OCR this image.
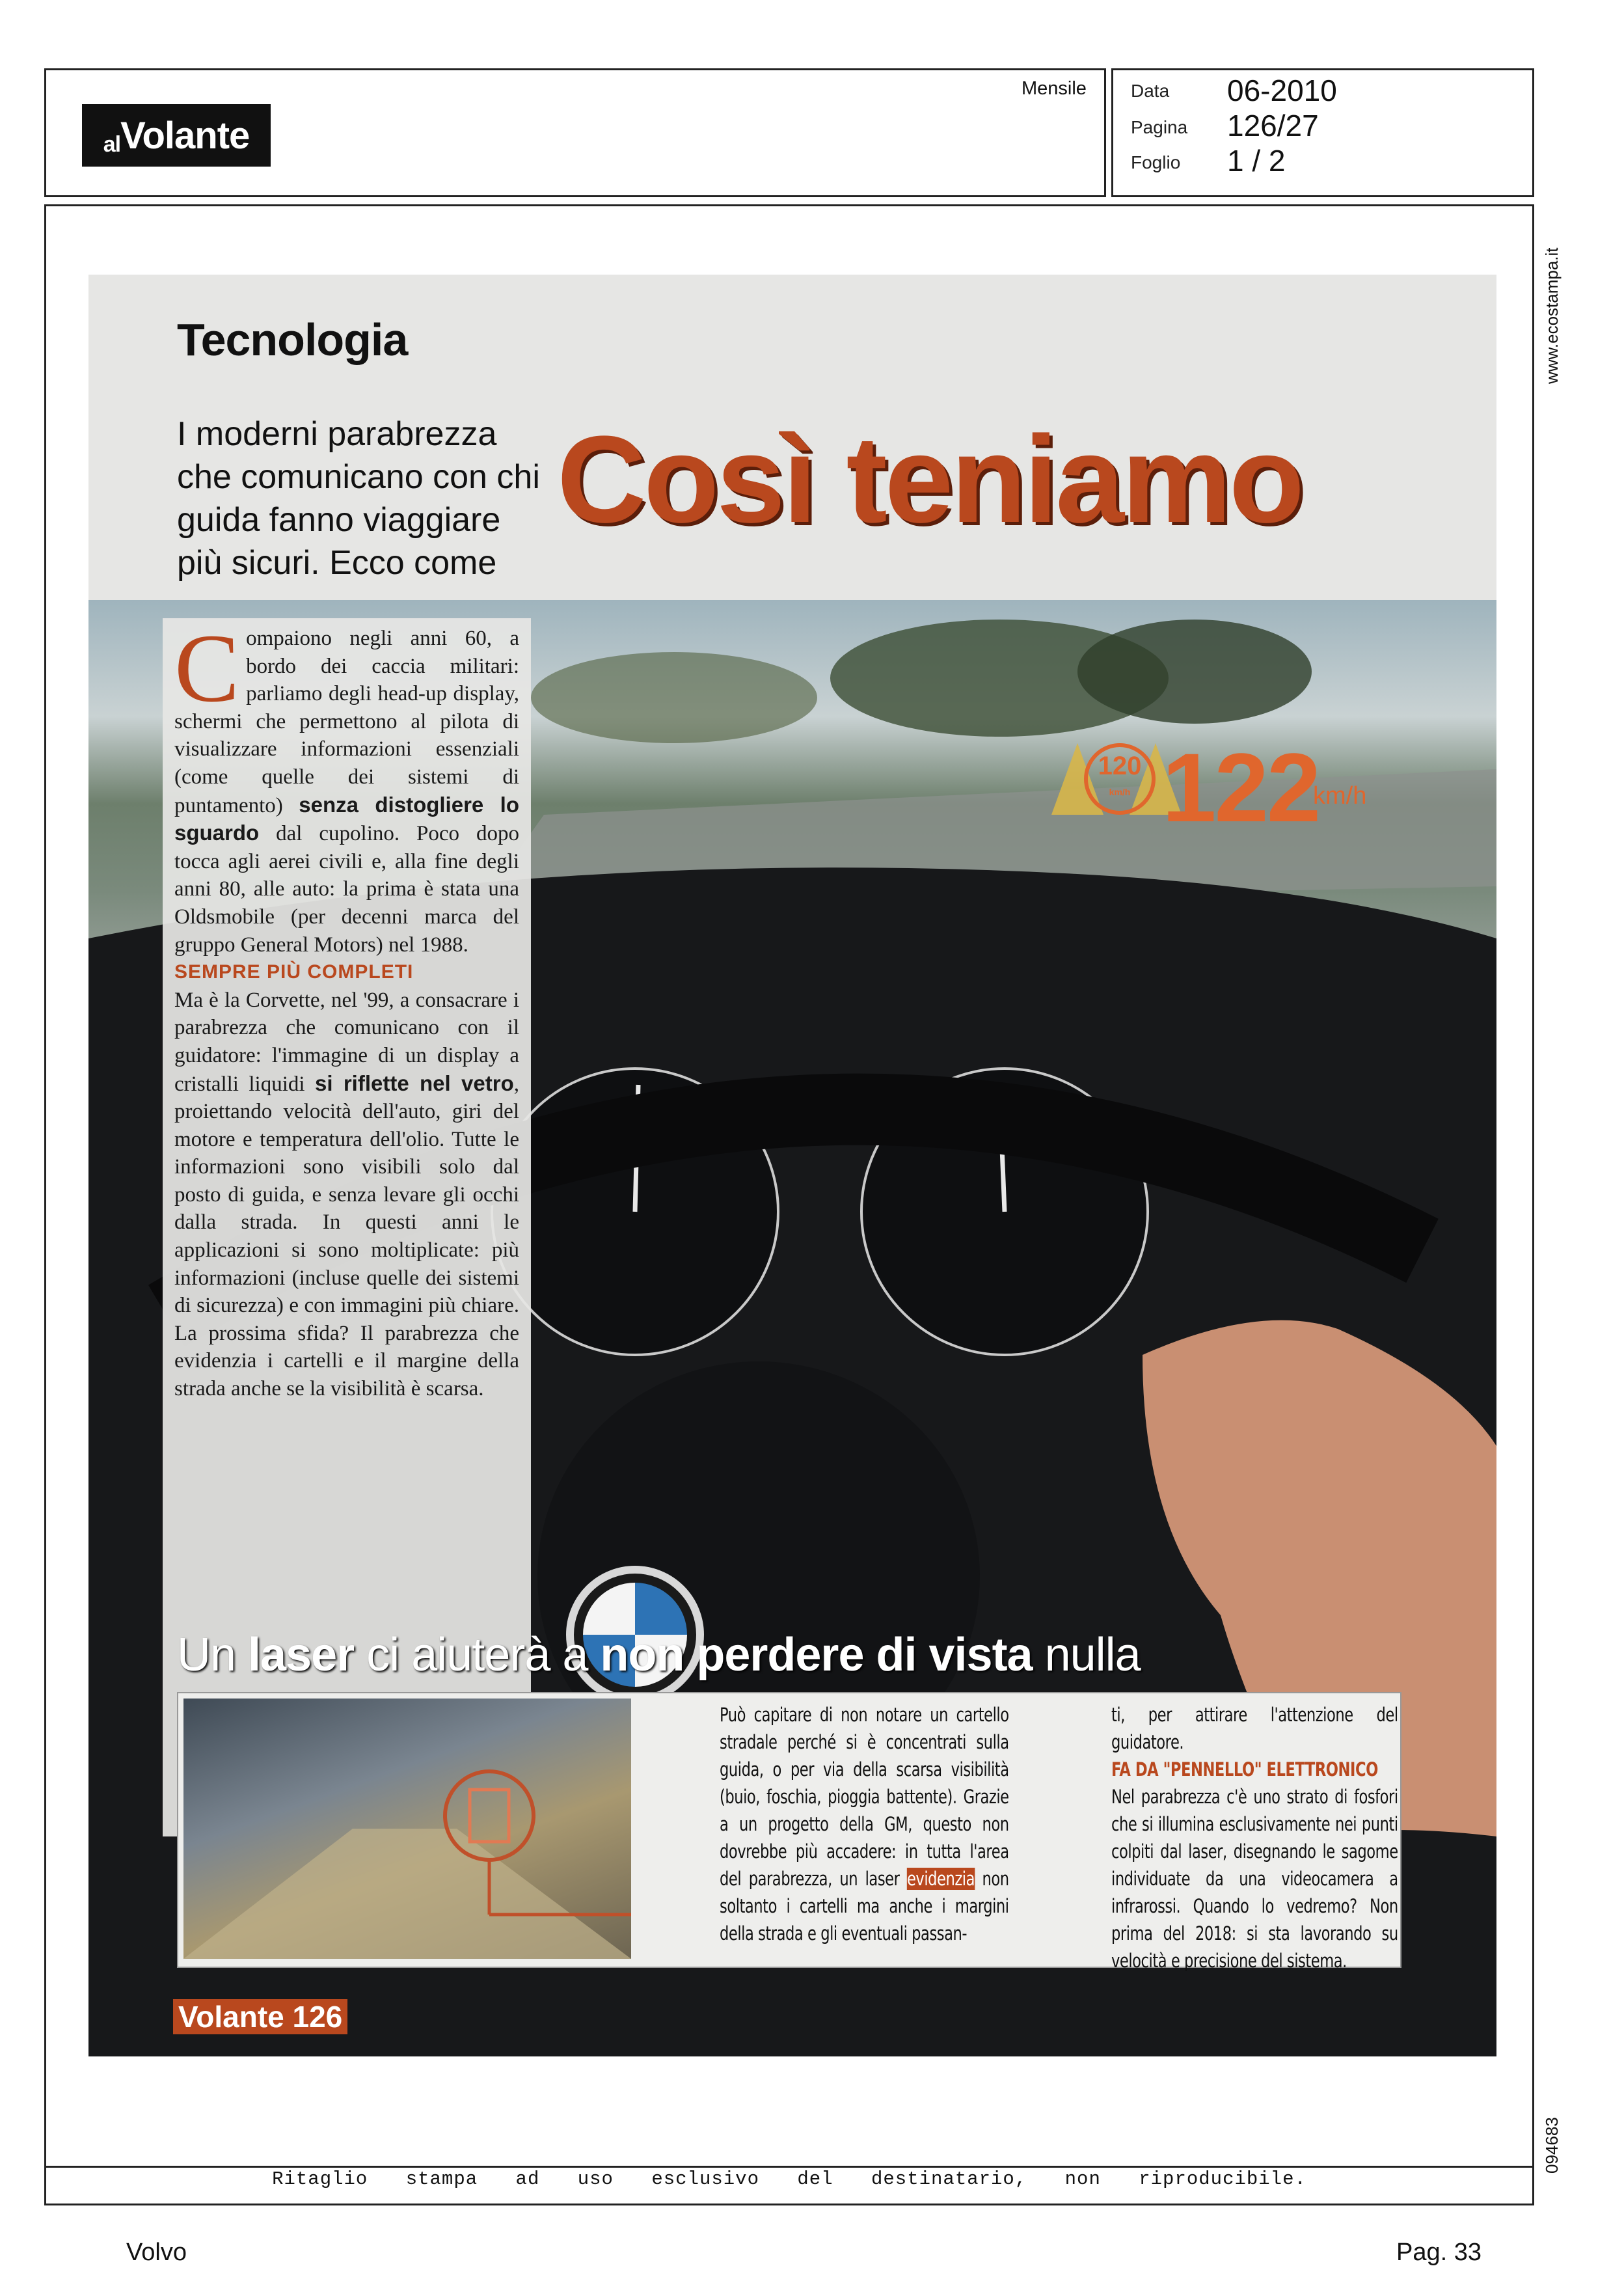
al Volante
Mensile Data 06-2010
Pagina 126/27
Foglio 1 / 2
www.ecostampa.it
094683
Tecnologia
I moderni parabrezza che comunicano con chi guida fanno viaggiare più sicuri. Ecco come
Così teniamo
120
km/h 122
km/h
Compaiono negli anni 60, a bordo dei caccia militari: parliamo degli head-up display, schermi che permettono al pilota di visualizzare informazioni essenziali (come quelle dei sistemi di puntamento) senza distogliere lo sguardo dal cupolino. Poco dopo tocca agli aerei civili e, alla fine degli anni 80, alle auto: la prima è stata una Oldsmobile (per decenni marca del gruppo General Motors) nel 1988.
SEMPRE PIÙ COMPLETI
Ma è la Corvette, nel '99, a consacrare i parabrezza che comunicano con il guidatore: l'immagine di un display a cristalli liquidi si riflette nel vetro, proiettando velocità dell'auto, giri del motore e temperatura dell'olio. Tutte le informazioni sono visibili solo dal posto di guida, e senza levare gli occhi dalla strada. In questi anni le applicazioni si sono moltiplicate: più informazioni (incluse quelle dei sistemi di sicurezza) e con immagini più chiare. La prossima sfida? Il parabrezza che evidenzia i cartelli e il margine della strada anche se la visibilità è scarsa.
Un laser ci aiuterà a non perdere di vista nulla
Può capitare di non notare un cartello stradale perché si è concentrati sulla guida, o per via della scarsa visibilità (buio, foschia, pioggia battente). Grazie a un progetto della GM, questo non dovrebbe più accadere: in tutta l'area del parabrezza, un laser evidenzia non soltanto i cartelli ma anche i margini della strada e gli eventuali passan-
ti, per attirare l'attenzione del guidatore.
FA DA "PENNELLO" ELETTRONICO
Nel parabrezza c'è uno strato di fosfori che si illumina esclusivamente nei punti colpiti dal laser, disegnando le sagome individuate da una videocamera a infrarossi. Quando lo vedremo? Non prima del 2018: si sta lavorando su velocità e precisione del sistema.
Volante 126
Ritaglio stampa ad uso esclusivo del destinatario, non riproducibile.
Volvo	Pag. 33
